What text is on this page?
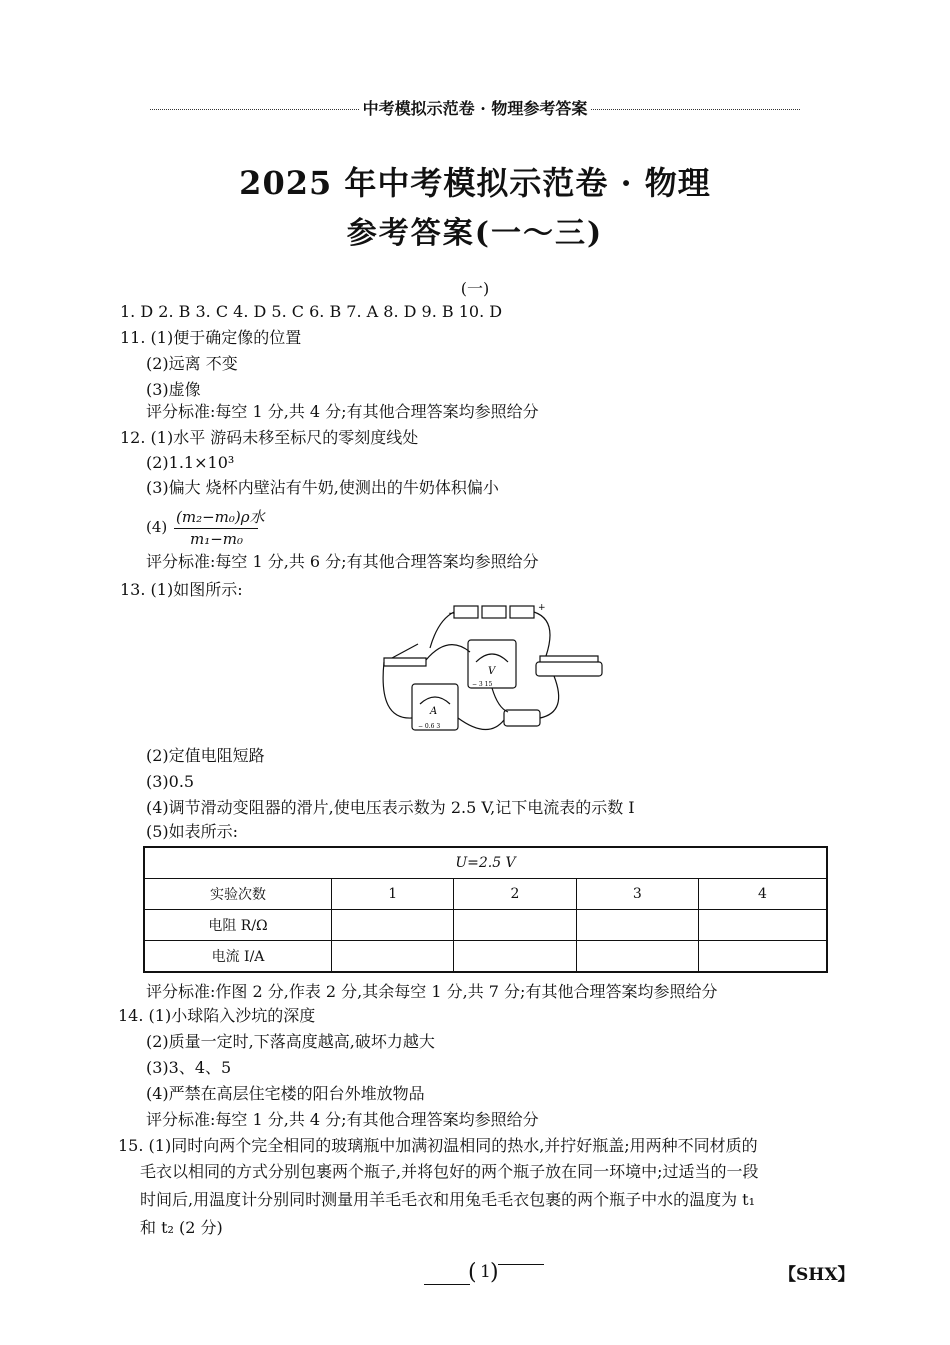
中考模拟示范卷 · 物理参考答案
2025 年中考模拟示范卷 · 物理
参考答案(一～三)
(一)
1. D 2. B 3. C 4. D 5. C 6. B 7. A 8. D 9. B 10. D
11. (1)便于确定像的位置
(2)远离 不变
(3)虚像
评分标准:每空 1 分,共 4 分;有其他合理答案均参照给分
12. (1)水平 游码未移至标尺的零刻度线处
(2)1.1×10³
(3)偏大 烧杯内壁沾有牛奶,使测出的牛奶体积偏小
(4)
(m₂−m₀)ρ水
m₁−m₀
评分标准:每空 1 分,共 6 分;有其他合理答案均参照给分
13. (1)如图所示:
−
+
V
A
− 3 15
− 0.6 3
(2)定值电阻短路
(3)0.5
(4)调节滑动变阻器的滑片,使电压表示数为 2.5 V,记下电流表的示数 I
(5)如表所示:
U=2.5 V				
实验次数	1	2	3	4
电阻 R/Ω				
电流 I/A				
评分标准:作图 2 分,作表 2 分,其余每空 1 分,共 7 分;有其他合理答案均参照给分
14. (1)小球陷入沙坑的深度
(2)质量一定时,下落高度越高,破坏力越大
(3)3、4、5
(4)严禁在高层住宅楼的阳台外堆放物品
评分标准:每空 1 分,共 4 分;有其他合理答案均参照给分
15. (1)同时向两个完全相同的玻璃瓶中加满初温相同的热水,并拧好瓶盖;用两种不同材质的
毛衣以相同的方式分别包裹两个瓶子,并将包好的两个瓶子放在同一环境中;过适当的一段
时间后,用温度计分别同时测量用羊毛毛衣和用兔毛毛衣包裹的两个瓶子中水的温度为 t₁
和 t₂ (2 分)
( 1 )	【SHX】
